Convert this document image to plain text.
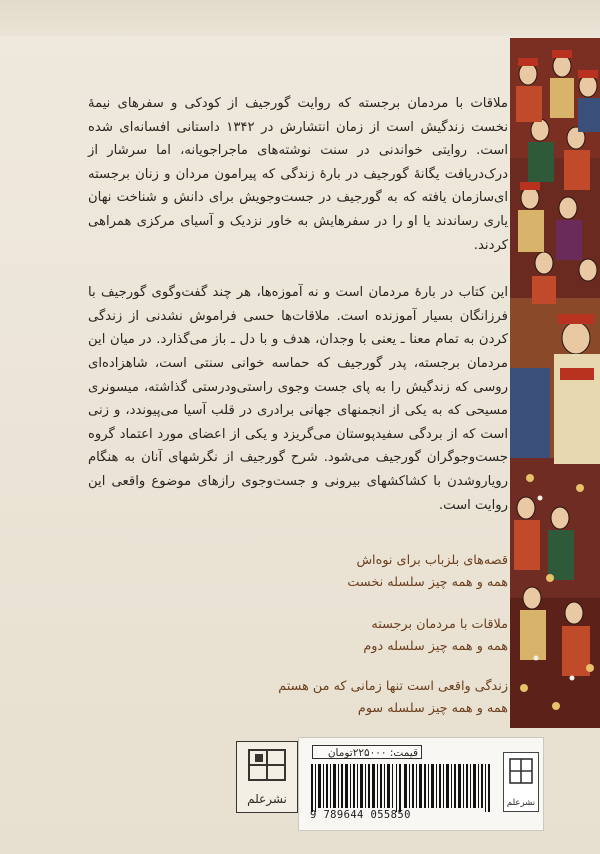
ملاقات با مردمان برجسته که روایت گورجیف از کودکی و سفرهای نیمهٔ نخست زندگیش است از زمان انتشارش در ۱۳۴۲ داستانی افسانه‌ای شده است. روایتی خواندنی در سنت نوشته‌های ماجراجویانه، اما سرشار از درک‌دریافت یگانهٔ گورجیف در بارهٔ زندگی که پیرامون مردان و زنان برجسته ای‌سازمان یافته که به گورجیف در جست‌وجویش برای دانش و شناخت نهان یاری رساندند یا او را در سفرهایش به خاور نزدیک و آسیای مرکزی همراهی کردند.

این کتاب در بارهٔ مردمان است و نه آموزه‌ها، هر چند گفت‌وگوی گورجیف با فرزانگان بسیار آموزنده است. ملاقات‌ها حسی فراموش نشدنی از زندگی کردن به تمام معنا ـ یعنی با وجدان، هدف و با دل ـ باز می‌گذارد. در میان این مردمان برجسته، پدر گورجیف که حماسه خوانی سنتی است، شاهزاده‌ای روسی که زندگیش را به پای جست وجوی راستی‌ودرستی گذاشته، میسونری مسیحی که به یکی از انجمنهای جهانی برادری در قلب آسیا می‌پیوندد، و زنی است که از بردگی سفیدپوستان می‌گریزد و یکی از اعضای مورد اعتماد گروه جست‌وجوگران گورجیف می‌شود. شرح گورجیف از نگرشهای آنان به هنگام رویاروشدن با کشاکشهای بیرونی و جست‌وجوی رازهای موضوع واقعی این روایت است.

قصه‌های بلزباب برای نوه‌اش
همه و همه چیز سلسله نخست
ملاقات با مردمان برجسته
همه و همه چیز سلسله دوم
زندگی واقعی است تنها زمانی که من هستم
همه و همه چیز سلسله سوم
نشرعلم
قیمت: ۲۲۵۰۰۰تومان
9 789644 055850
نشرعلم
